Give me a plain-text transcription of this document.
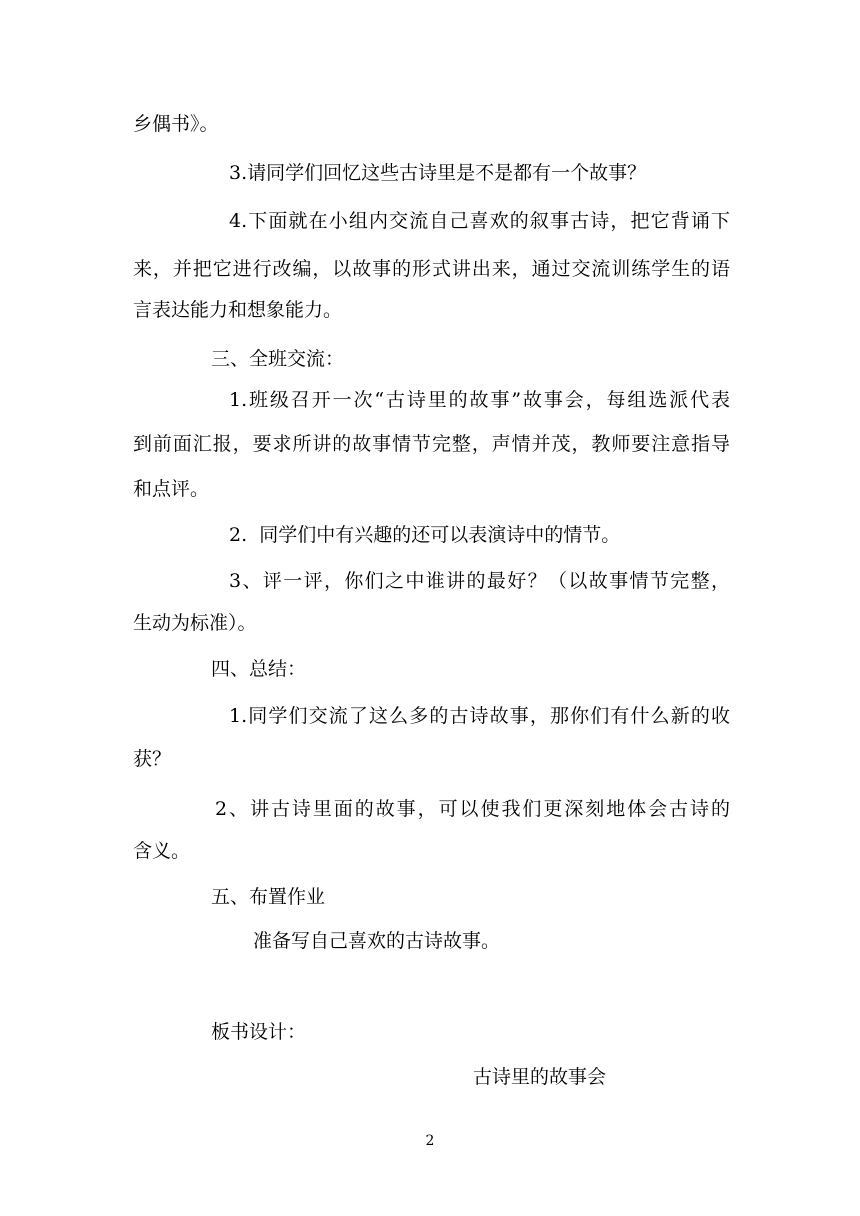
乡偶书》。
3.请同学们回忆这些古诗里是不是都有一个故事？
4.下面就在小组内交流自己喜欢的叙事古诗，把它背诵下
来，并把它进行改编，以故事的形式讲出来，通过交流训练学生的语
言表达能力和想象能力。
三、全班交流：
1.班级召开一次“古诗里的故事”故事会，每组选派代表
到前面汇报，要求所讲的故事情节完整，声情并茂，教师要注意指导
和点评。
2.  同学们中有兴趣的还可以表演诗中的情节。
3、评一评，你们之中谁讲的最好？（以故事情节完整，
生动为标准）。
四、总结：
1.同学们交流了这么多的古诗故事，那你们有什么新的收
获？
2、讲古诗里面的故事，可以使我们更深刻地体会古诗的
含义。
五、布置作业
准备写自己喜欢的古诗故事。
板书设计：
古诗里的故事会
2
